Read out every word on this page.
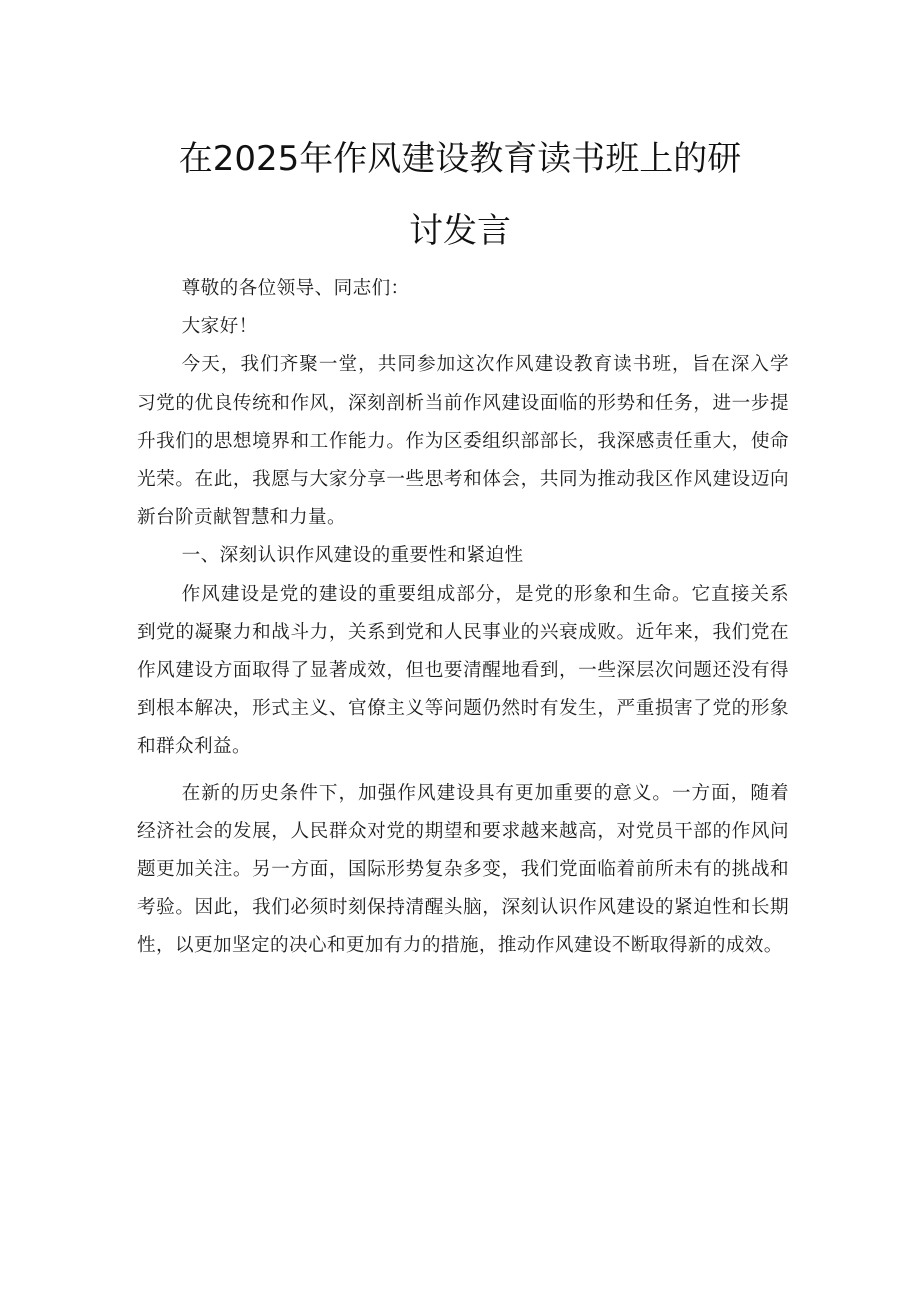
在2025年作风建设教育读书班上的研
讨发言

尊敬的各位领导、同志们：

大家好！

今天，我们齐聚一堂，共同参加这次作风建设教育读书班，旨在深入学习党的优良传统和作风，深刻剖析当前作风建设面临的形势和任务，进一步提升我们的思想境界和工作能力。作为区委组织部部长，我深感责任重大，使命光荣。在此，我愿与大家分享一些思考和体会，共同为推动我区作风建设迈向新台阶贡献智慧和力量。

一、深刻认识作风建设的重要性和紧迫性

作风建设是党的建设的重要组成部分，是党的形象和生命。它直接关系到党的凝聚力和战斗力，关系到党和人民事业的兴衰成败。近年来，我们党在作风建设方面取得了显著成效，但也要清醒地看到，一些深层次问题还没有得到根本解决，形式主义、官僚主义等问题仍然时有发生，严重损害了党的形象和群众利益。

在新的历史条件下，加强作风建设具有更加重要的意义。一方面，随着经济社会的发展，人民群众对党的期望和要求越来越高，对党员干部的作风问题更加关注。另一方面，国际形势复杂多变，我们党面临着前所未有的挑战和考验。因此，我们必须时刻保持清醒头脑，深刻认识作风建设的紧迫性和长期性，以更加坚定的决心和更加有力的措施，推动作风建设不断取得新的成效。
